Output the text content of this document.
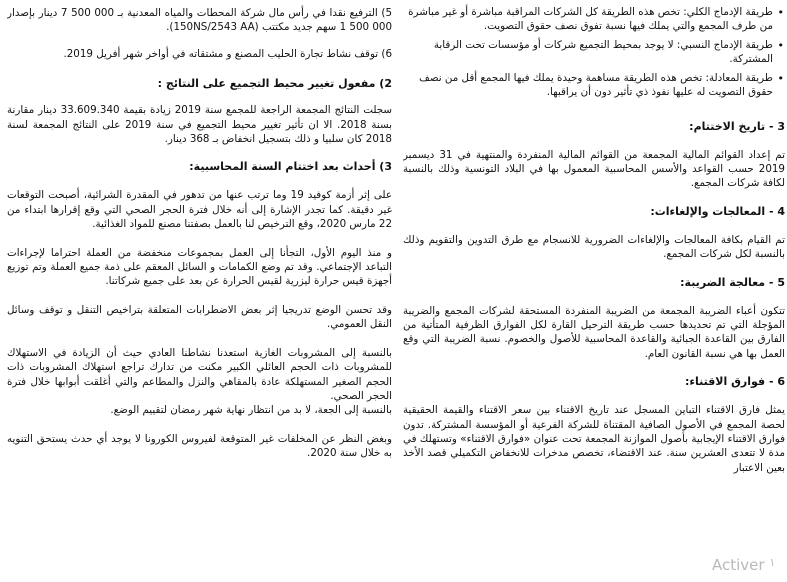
• طريقة الإدماج الكلي: تخص هذه الطريقة كل الشركات المراقبة مباشرة أو غير مباشرة من طرف المجمع والتي يملك فيها نسبة تفوق نصف حقوق التصويت.
• طريقة الإدماج النسبي: لا يوجد بمحيط التجميع شركات أو مؤسسات تحت الرقابة المشتركة.
• طريقة المعادلة: تخص هذه الطريقة مساهمة وحيدة يملك فيها المجمع أقل من نصف حقوق التصويت له عليها نفوذ ذي تأثير دون أن يراقبها.
3 - تاريخ الاختتام:

تم إعداد القوائم المالية المجمعة من القوائم المالية المنفردة والمنتهية في 31 ديسمبر 2019 حسب القواعد والأسس المحاسبية المعمول بها في البلاد التونسية وذلك بالنسبة لكافة شركات المجمع.

4 - المعالجات والإلغاءات:

تم القيام بكافة المعالجات والإلغاءات الضرورية للانسجام مع طرق التدوين والتقويم وذلك بالنسبة لكل شركات المجمع.

5 - معالجة الضريبة:

تتكون أعباء الضريبة المجمعة من الضريبة المنفردة المستحقة لشركات المجمع والضريبة المؤجلة التي تم تحديدها حسب طريقة الترحيل القارة لكل الفوارق الظرفية المتأتية من الفارق بين القاعدة الجبائية والقاعدة المحاسبية للأصول والخصوم. نسبة الضريبة التي وقع العمل بها هي نسبة القانون العام.

6 - فوارق الاقتناء:

يمثل فارق الاقتناء التباين المسجل عند تاريخ الاقتناء بين سعر الاقتناء والقيمة الحقيقية لحصة المجمع في الأصول الصافية المقتناة للشركة الفرعية أو المؤسسة المشتركة. تدون فوارق الاقتناء الإيجابية بأصول الموازنة المجمعة تحت عنوان «فوارق الاقتناء» وتستهلك في مدة لا تتعدى العشرين سنة. عند الاقتضاء، تخصص مدخرات للانخفاض التكميلي قصد الأخذ بعين الاعتبار

5) الترفيع نقدا في رأس مال شركة المحطات والمياه المعدنية بـ 000 500 7 دينار بإصدار 000 500 1 سهم جديد مكتتب (150NS/2543 AA).

6) توقف نشاط تجارة الحليب المصنع و مشتقاته في أواخر شهر أفريل 2019.

2) مفعول تغيير محيط التجميع على النتائج :

سجلت النتائج المجمعة الراجعة للمجمع سنة 2019 زيادة بقيمة 33.609.340 دينار مقارنة بسنة 2018. الا ان تأثير تغيير محيط التجميع في سنة 2019 على النتائج المجمعة لسنة 2018 كان سلبيا و ذلك بتسجيل انخفاض بـ 368 دينار.

3) أحداث بعد اختتام السنة المحاسبية:

على إثر أزمة كوفيد 19 وما ترتب عنها من تدهور في المقدرة الشرائية، أصبحت التوقعات غير دقيقة. كما تجدر الإشارة إلى أنه خلال فترة الحجر الصحي التي وقع إقرارها ابتداء من 22 مارس 2020، وقع الترخيص لنا بالعمل بصفتنا مصنع للمواد الغذائية.

و منذ اليوم الأول، التجأنا إلى العمل بمجموعات منخفضة من العملة احتراما لإجراءات التباعد الإجتماعي. وقد تم وضع الكمامات و السائل المعقم على ذمة جميع العملة وتم توزيع أجهزة قيس حرارة ليزرية لقيس الحرارة عن بعد على جميع شركاتنا.

وقد تحسن الوضع تدريجيا إثر بعض الاضطرابات المتعلقة بتراخيص التنقل و توقف وسائل النقل العمومي.

بالنسبة إلى المشروبات الغازية استعدنا نشاطنا العادي حيث أن الزيادة في الاستهلاك للمشروبات ذات الحجم العائلي الكبير مكنت من تدارك تراجع استهلاك المشروبات ذات الحجم الصغير المستهلكة عادة بالمقاهي والنزل والمطاعم والتي أغلقت أبوابها خلال فترة الحجر الصحي.

بالنسبة إلى الجعة، لا بد من انتظار نهاية شهر رمضان لتقييم الوضع.

وبغض النظر عن المخلفات غير المتوقعة لفيروس الكورونا لا يوجد أي حدث يستحق التنويه به خلال سنة 2020.

Activer $^١$
